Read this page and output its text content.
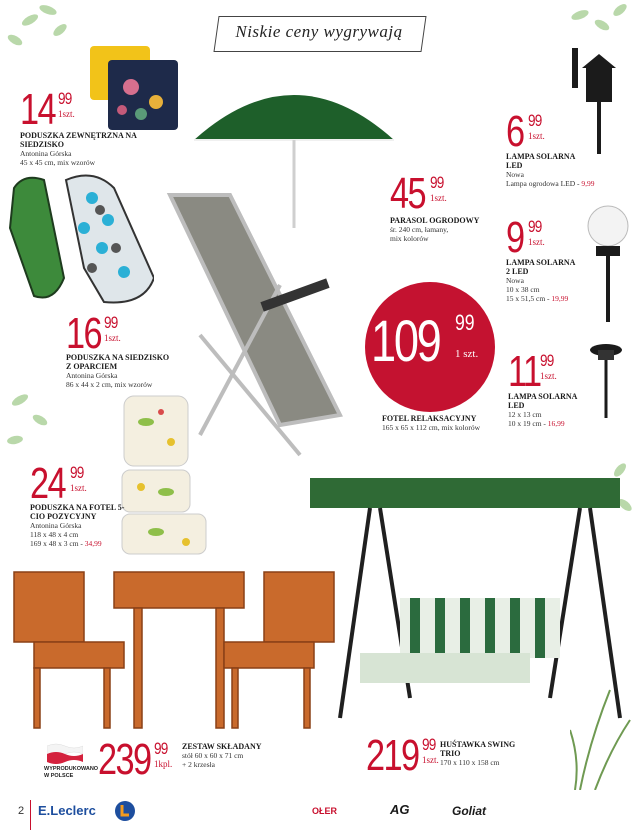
Niskie ceny wygrywają
14 99
1szt.
PODUSZKA ZEWNĘTRZNA NA SIEDZISKO
Antonina Górska
45 x 45 cm, mix wzorów
16 99
1szt.
PODUSZKA NA SIEDZISKO Z OPARCIEM
Antonina Górska
86 x 44 x 2 cm, mix wzorów
24 99
1szt.
PODUSZKA NA FOTEL 5-CIO POZYCYJNY
Antonina Górska
118 x 48 x 4 cm
169 x 48 x 3 cm - 34,99
45 99
1szt.
PARASOL OGRODOWY
śr. 240 cm, łamany,
mix kolorów
109 99
1 szt.
FOTEL RELAKSACYJNY
165 x 65 x 112 cm, mix kolorów
6 99
1szt.
LAMPA SOLARNA LED
Nowa
Lampa ogrodowa LED - 9,99
9 99
1szt.
LAMPA SOLARNA 2 LED
Nowa
10 x 38 cm
15 x 51,5 cm - 19,99
11 99
1szt.
LAMPA SOLARNA LED
12 x 13 cm
10 x 19 cm - 16,99
WYPRODUKOWANO W POLSCE 239 99
1kpl.
ZESTAW SKŁADANY
stół 60 x 60 x 71 cm
+ 2 krzesła	219 99
1szt.
HUŚTAWKA SWING TRIO
170 x 110 x 158 cm
2 E.Leclerc	OŁER	AG	Goliat
